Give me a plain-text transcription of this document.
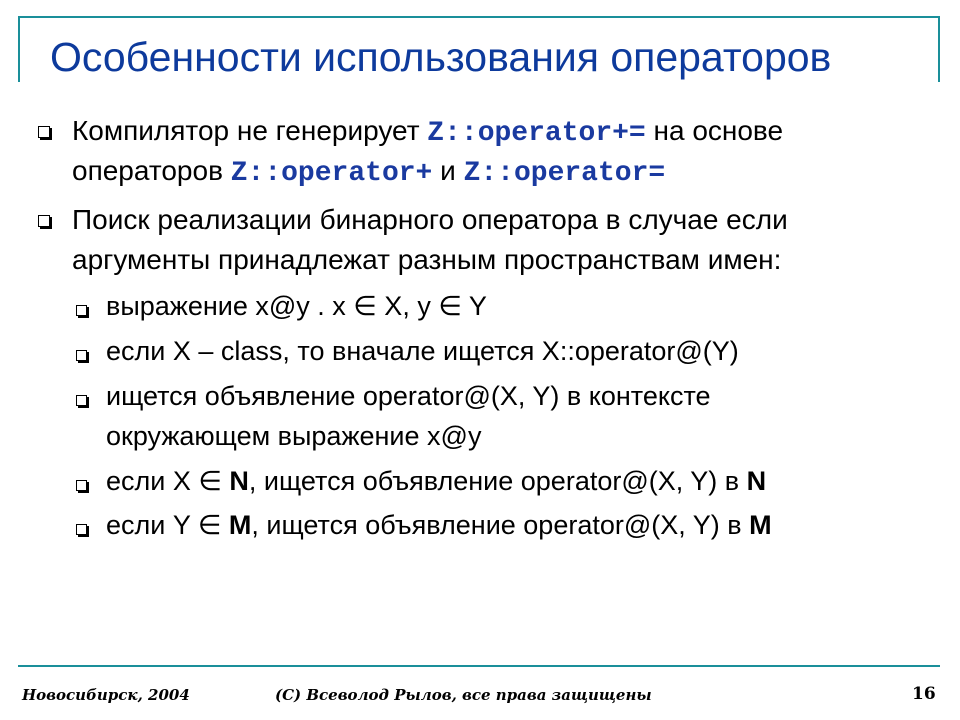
Особенности использования операторов
Компилятор не генерирует Z::operator+= на основе
операторов Z::operator+ и Z::operator=
Поиск реализации бинарного оператора в случае если
аргументы принадлежат разным пространствам имен:
выражение x@y . x ∈ X, y ∈ Y
если X – class, то вначале ищется X::operator@(Y)
ищется объявление operator@(X, Y) в контексте
окружающем выражение x@y
если X ∈ N, ищется объявление operator@(X, Y) в N
если Y ∈ M, ищется объявление operator@(X, Y) в M
Новосибирск, 2004	(С) Всеволод Рылов, все права защищены	16
